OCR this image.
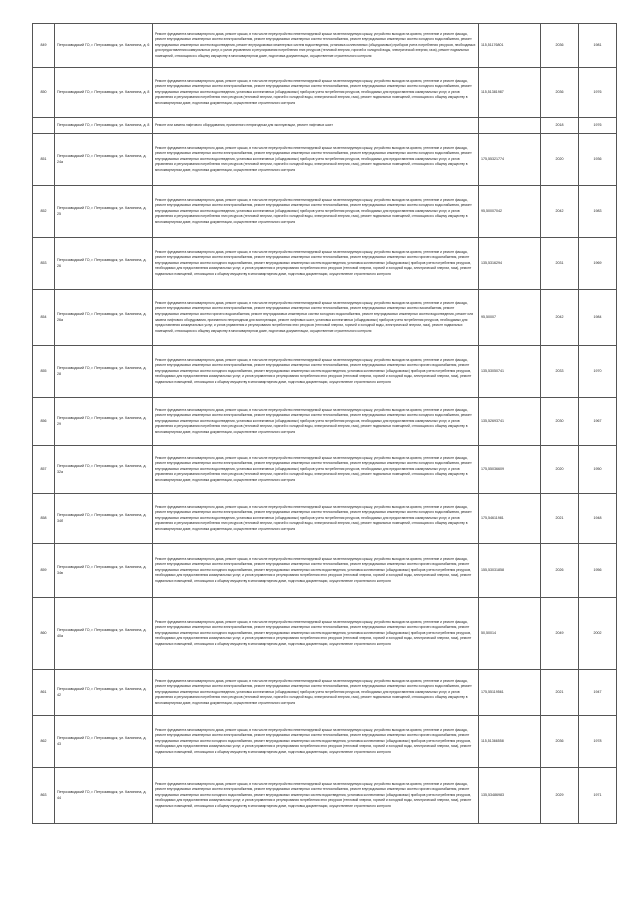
849	Петрозаводский ГО, г. Петрозаводск, ул. Калинина, д. 6	Ремонт фундамента многоквартирного дома, ремонт крыши, в том числе переустройство невентилируемой крыши на вентилируемую крышу, устройство выходов на кровлю, утепление и ремонт фасада, ремонт внутридомовых инженерных систем электроснабжения, ремонт внутридомовых инженерных систем теплоснабжения, ремонт внутридомовых инженерных систем холодного водоснабжения, ремонт внутридомовых инженерных систем водоотведения, ремонт внутридомовых инженерных систем водоотведения, установка коллективных (общедомовых) приборов учета потребления ресурсов, необходимых для предоставления коммунальных услуг, и узлов управления и регулирования потребления этих ресурсов (тепловой энергии, горячей и холодной воды, электрической энергии, газа), ремонт подвальных помещений, относящихся к общему имуществу в многоквартирном доме, подготовка документации, осуществление строительного контроля	115,51176801	2036	1981
850	Петрозаводский ГО, г. Петрозаводск, ул. Калинина, д. 8	Ремонт фундамента многоквартирного дома, ремонт крыши, в том числе переустройство невентилируемой крыши на вентилируемую крышу, устройство выходов на кровлю, утепление и ремонт фасада, ремонт внутридомовых инженерных систем электроснабжения, ремонт внутридомовых инженерных систем теплоснабжения, ремонт внутридомовых инженерных систем холодного водоснабжения, ремонт внутридомовых инженерных систем водоотведения, установка коллективных (общедомовых) приборов учета потребления ресурсов, необходимых для предоставления коммунальных услуг, и узлов управления и регулирования потребления этих ресурсов (тепловой энергии, горячей и холодной воды, электрической энергии, газа), ремонт подвальных помещений, относящихся к общему имуществу в многоквартирном доме, подготовка документации, осуществление строительного контроля	115,51381987	2036	1976
	Петрозаводский ГО, г. Петрозаводск, ул. Калинина, д. 8	Ремонт или замена лифтового оборудования, признанного непригодным для эксплуатации, ремонт лифтовых шахт		2018	1976
851	Петрозаводский ГО, г. Петрозаводск, ул. Калинина, д. 24а	Ремонт фундамента многоквартирного дома, ремонт крыши, в том числе переустройство невентилируемой крыши на вентилируемую крышу, устройство выходов на кровлю, утепление и ремонт фасада, ремонт внутридомовых инженерных систем электроснабжения, ремонт внутридомовых инженерных систем теплоснабжения, ремонт внутридомовых инженерных систем холодного водоснабжения, ремонт внутридомовых инженерных систем водоотведения, установка коллективных (общедомовых) приборов учета потребления ресурсов, необходимых для предоставления коммунальных услуг, и узлов управления и регулирования потребления этих ресурсов (тепловой энергии, горячей и холодной воды, электрической энергии, газа), ремонт подвальных помещений, относящихся к общему имуществу в многоквартирном доме, подготовка документации, осуществление строительного контроля	175,55321774	2020	1936
852	Петрозаводский ГО, г. Петрозаводск, ул. Калинина, д. 25	Ремонт фундамента многоквартирного дома, ремонт крыши, в том числе переустройство невентилируемой крыши на вентилируемую крышу, устройство выходов на кровлю, утепление и ремонт фасада, ремонт внутридомовых инженерных систем электроснабжения, ремонт внутридомовых инженерных систем теплоснабжения, ремонт внутридомовых инженерных систем холодного водоснабжения, ремонт внутридомовых инженерных систем водоотведения, установка коллективных (общедомовых) приборов учета потребления ресурсов, необходимых для предоставления коммунальных услуг, и узлов управления и регулирования потребления этих ресурсов (тепловой энергии, горячей и холодной воды, электрической энергии, газа), ремонт подвальных помещений, относящихся к общему имуществу в многоквартирном доме, подготовка документации, осуществление строительного контроля	95,50007042	2042	1983
853	Петрозаводский ГО, г. Петрозаводск, ул. Калинина, д. 26	Ремонт фундамента многоквартирного дома, ремонт крыши, в том числе переустройство невентилируемой крыши на вентилируемую крышу, устройство выходов на кровлю, утепление и ремонт фасада, ремонт внутридомовых инженерных систем электроснабжения, ремонт внутридомовых инженерных систем теплоснабжения, ремонт внутридомовых инженерных систем горячего водоснабжения, ремонт внутридомовых инженерных систем холодного водоснабжения, ремонт внутридомовых инженерных систем водоотведения, установка коллективных (общедомовых) приборов учета потребления ресурсов, необходимых для предоставления коммунальных услуг, и узлов управления и регулирования потребления этих ресурсов (тепловой энергии, горячей и холодной воды, электрической энергии, газа), ремонт подвальных помещений, относящихся к общему имуществу в многоквартирном доме, подготовка документации, осуществление строительного контроля	135,5316294	2031	1969
854	Петрозаводский ГО, г. Петрозаводск, ул. Калинина, д. 26а	Ремонт фундамента многоквартирного дома, ремонт крыши, в том числе переустройство невентилируемой крыши на вентилируемую крышу, устройство выходов на кровлю, утепление и ремонт фасада, ремонт внутридомовых инженерных систем электроснабжения, ремонт внутридомовых инженерных систем теплоснабжения, ремонт внутридомовых инженерных систем газоснабжения, ремонт внутридомовых инженерных систем горячего водоснабжения, ремонт внутридомовых инженерных систем холодного водоснабжения, ремонт внутридомовых инженерных систем водоотведения, ремонт или замена лифтового оборудования, признанного непригодным для эксплуатации, ремонт лифтовых шахт, установка коллективных (общедомовых) приборов учета потребления ресурсов, необходимых для предоставления коммунальных услуг, и узлов управления и регулирования потребления этих ресурсов (тепловой энергии, горячей и холодной воды, электрической энергии, газа), ремонт подвальных помещений, относящихся к общему имуществу в многоквартирном доме, подготовка документации, осуществление строительного контроля	95,50007	2042	1984
855	Петрозаводский ГО, г. Петрозаводск, ул. Калинина, д. 28	Ремонт фундамента многоквартирного дома, ремонт крыши, в том числе переустройство невентилируемой крыши на вентилируемую крышу, устройство выходов на кровлю, утепление и ремонт фасада, ремонт внутридомовых инженерных систем электроснабжения, ремонт внутридомовых инженерных систем теплоснабжения, ремонт внутридомовых инженерных систем горячего водоснабжения, ремонт внутридомовых инженерных систем холодного водоснабжения, ремонт внутридомовых инженерных систем водоотведения, установка коллективных (общедомовых) приборов учета потребления ресурсов, необходимых для предоставления коммунальных услуг, и узлов управления и регулирования потребления этих ресурсов (тепловой энергии, горячей и холодной воды, электрической энергии, газа), ремонт подвальных помещений, относящихся к общему имуществу в многоквартирном доме, подготовка документации, осуществление строительного контроля	135,53050741	2033	1970
856	Петрозаводский ГО, г. Петрозаводск, ул. Калинина, д. 29	Ремонт фундамента многоквартирного дома, ремонт крыши, в том числе переустройство невентилируемой крыши на вентилируемую крышу, устройство выходов на кровлю, утепление и ремонт фасада, ремонт внутридомовых инженерных систем электроснабжения, ремонт внутридомовых инженерных систем теплоснабжения, ремонт внутридомовых инженерных систем холодного водоснабжения, ремонт внутридомовых инженерных систем водоотведения, установка коллективных (общедомовых) приборов учета потребления ресурсов, необходимых для предоставления коммунальных услуг, и узлов управления и регулирования потребления этих ресурсов (тепловой энергии, горячей и холодной воды, электрической энергии, газа), ремонт подвальных помещений, относящихся к общему имуществу в многоквартирном доме, подготовка документации, осуществление строительного контроля	135,52693741	2030	1967
857	Петрозаводский ГО, г. Петрозаводск, ул. Калинина, д. 32а	Ремонт фундамента многоквартирного дома, ремонт крыши, в том числе переустройство невентилируемой крыши на вентилируемую крышу, устройство выходов на кровлю, утепление и ремонт фасада, ремонт внутридомовых инженерных систем электроснабжения, ремонт внутридомовых инженерных систем теплоснабжения, ремонт внутридомовых инженерных систем холодного водоснабжения, ремонт внутридомовых инженерных систем водоотведения, установка коллективных (общедомовых) приборов учета потребления ресурсов, необходимых для предоставления коммунальных услуг, и узлов управления и регулирования потребления этих ресурсов (тепловой энергии, горячей и холодной воды, электрической энергии, газа), ремонт подвальных помещений, относящихся к общему имуществу в многоквартирном доме, подготовка документации, осуществление строительного контроля	175,55036609	2020	1950
858	Петрозаводский ГО, г. Петрозаводск, ул. Калинина, д. 34б	Ремонт фундамента многоквартирного дома, ремонт крыши, в том числе переустройство невентилируемой крыши на вентилируемую крышу, устройство выходов на кровлю, утепление и ремонт фасада, ремонт внутридомовых инженерных систем электроснабжения, ремонт внутридомовых инженерных систем теплоснабжения, ремонт внутридомовых инженерных систем холодного водоснабжения, ремонт внутридомовых инженерных систем водоотведения, установка коллективных (общедомовых) приборов учета потребления ресурсов, необходимых для предоставления коммунальных услуг, и узлов управления и регулирования потребления этих ресурсов (тепловой энергии, горячей и холодной воды, электрической энергии, газа), ремонт подвальных помещений, относящихся к общему имуществу в многоквартирном доме, подготовка документации, осуществление строительного контроля	175,54611981	2021	1948
859	Петрозаводский ГО, г. Петрозаводск, ул. Калинина, д. 34в	Ремонт фундамента многоквартирного дома, ремонт крыши, в том числе переустройство невентилируемой крыши на вентилируемую крышу, устройство выходов на кровлю, утепление и ремонт фасада, ремонт внутридомовых инженерных систем электроснабжения, ремонт внутридомовых инженерных систем теплоснабжения, ремонт внутридомовых инженерных систем горячего водоснабжения, ремонт внутридомовых инженерных систем холодного водоснабжения, ремонт внутридомовых инженерных систем водоотведения, установка коллективных (общедомовых) приборов учета потребления ресурсов, необходимых для предоставления коммунальных услуг, и узлов управления и регулирования потребления этих ресурсов (тепловой энергии, горячей и холодной воды, электрической энергии, газа), ремонт подвальных помещений, относящихся к общему имуществу в многоквартирном доме, подготовка документации, осуществление строительного контроля	155,53031858	2026	1956
860	Петрозаводский ГО, г. Петрозаводск, ул. Калинина, д. 40а	Ремонт фундамента многоквартирного дома, ремонт крыши, в том числе переустройство невентилируемой крыши на вентилируемую крышу, устройство выходов на кровлю, утепление и ремонт фасада, ремонт внутридомовых инженерных систем электроснабжения, ремонт внутридомовых инженерных систем теплоснабжения, ремонт внутридомовых инженерных систем горячего водоснабжения, ремонт внутридомовых инженерных систем холодного водоснабжения, ремонт внутридомовых инженерных систем водоотведения, установка коллективных (общедомовых) приборов учета потребления ресурсов, необходимых для предоставления коммунальных услуг, и узлов управления и регулирования потребления этих ресурсов (тепловой энергии, горячей и холодной воды, электрической энергии, газа), ремонт подвальных помещений, относящихся к общему имуществу в многоквартирном доме, подготовка документации, осуществление строительного контроля	50,50014	2049	2002
861	Петрозаводский ГО, г. Петрозаводск, ул. Калинина, д. 42	Ремонт фундамента многоквартирного дома, ремонт крыши, в том числе переустройство невентилируемой крыши на вентилируемую крышу, устройство выходов на кровлю, утепление и ремонт фасада, ремонт внутридомовых инженерных систем электроснабжения, ремонт внутридомовых инженерных систем теплоснабжения, ремонт внутридомовых инженерных систем холодного водоснабжения, ремонт внутридомовых инженерных систем водоотведения, установка коллективных (общедомовых) приборов учета потребления ресурсов, необходимых для предоставления коммунальных услуг, и узлов управления и регулирования потребления этих ресурсов (тепловой энергии, горячей и холодной воды, электрической энергии, газа), ремонт подвальных помещений, относящихся к общему имуществу в многоквартирном доме, подготовка документации, осуществление строительного контроля	175,55119561	2021	1947
862	Петрозаводский ГО, г. Петрозаводск, ул. Калинина, д. 43	Ремонт фундамента многоквартирного дома, ремонт крыши, в том числе переустройство невентилируемой крыши на вентилируемую крышу, устройство выходов на кровлю, утепление и ремонт фасада, ремонт внутридомовых инженерных систем электроснабжения, ремонт внутридомовых инженерных систем теплоснабжения, ремонт внутридомовых инженерных систем горячего водоснабжения, ремонт внутридомовых инженерных систем холодного водоснабжения, ремонт внутридомовых инженерных систем водоотведения, установка коллективных (общедомовых) приборов учета потребления ресурсов, необходимых для предоставления коммунальных услуг, и узлов управления и регулирования потребления этих ресурсов (тепловой энергии, горячей и холодной воды, электрической энергии, газа), ремонт подвальных помещений, относящихся к общему имуществу в многоквартирном доме, подготовка документации, осуществление строительного контроля	115,51366558	2036	1978
863	Петрозаводский ГО, г. Петрозаводск, ул. Калинина, д. 44	Ремонт фундамента многоквартирного дома, ремонт крыши, в том числе переустройство невентилируемой крыши на вентилируемую крышу, устройство выходов на кровлю, утепление и ремонт фасада, ремонт внутридомовых инженерных систем электроснабжения, ремонт внутридомовых инженерных систем теплоснабжения, ремонт внутридомовых инженерных систем горячего водоснабжения, ремонт внутридомовых инженерных систем холодного водоснабжения, ремонт внутридомовых инженерных систем водоотведения, установка коллективных (общедомовых) приборов учета потребления ресурсов, необходимых для предоставления коммунальных услуг, и узлов управления и регулирования потребления этих ресурсов (тепловой энергии, горячей и холодной воды, электрической энергии, газа), ремонт подвальных помещений, относящихся к общему имуществу в многоквартирном доме, подготовка документации, осуществление строительного контроля	135,53486983	2029	1971
